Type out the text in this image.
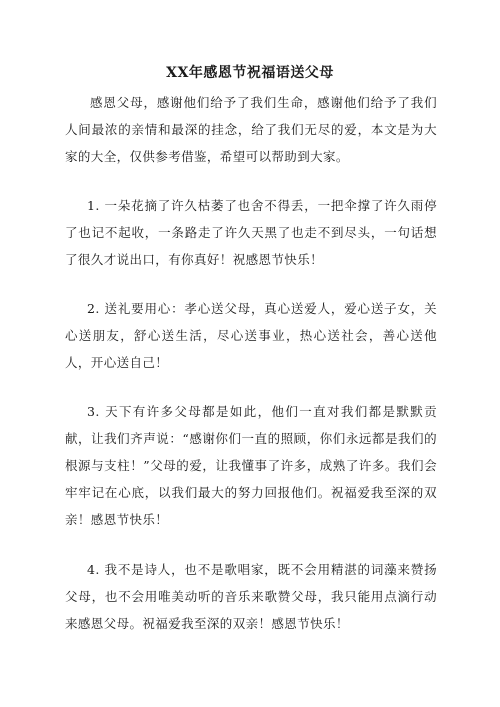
XX年感恩节祝福语送父母

感恩父母，感谢他们给予了我们生命，感谢他们给予了我们人间最浓的亲情和最深的挂念，给了我们无尽的爱，本文是为大家的大全，仅供参考借鉴，希望可以帮助到大家。

1. 一朵花摘了许久枯萎了也舍不得丢，一把伞撑了许久雨停了也记不起收，一条路走了许久天黑了也走不到尽头，一句话想了很久才说出口，有你真好！祝感恩节快乐！

2. 送礼要用心：孝心送父母，真心送爱人，爱心送子女，关心送朋友，舒心送生活，尽心送事业，热心送社会，善心送他人，开心送自己！

3. 天下有许多父母都是如此，他们一直对我们都是默默贡献，让我们齐声说：“感谢你们一直的照顾，你们永远都是我们的根源与支柱！”父母的爱，让我懂事了许多，成熟了许多。我们会牢牢记在心底，以我们最大的努力回报他们。祝福爱我至深的双亲！感恩节快乐！

4. 我不是诗人，也不是歌唱家，既不会用精湛的词藻来赞扬父母，也不会用唯美动听的音乐来歌赞父母，我只能用点滴行动来感恩父母。祝福爱我至深的双亲！感恩节快乐！
